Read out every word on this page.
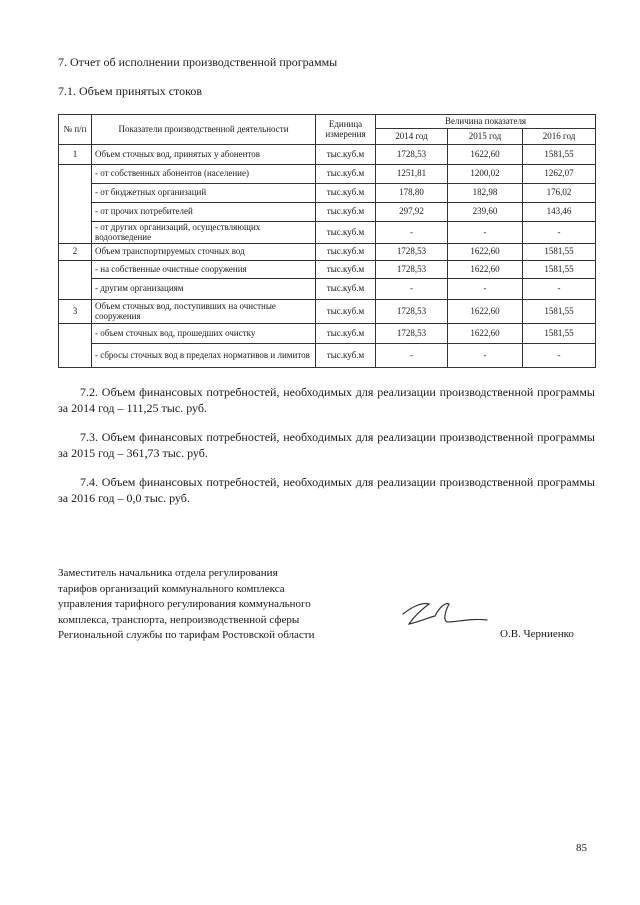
7. Отчет об исполнении производственной программы
7.1. Объем принятых стоков
№ п/п	Показатели производственной деятельности	Единица измерения	Величина показателя		
			2014 год	2015 год	2016 год
1	Объем сточных вод, принятых у абонентов	тыс.куб.м	1728,53	1622,60	1581,55
	- от собственных абонентов (население)	тыс.куб.м	1251,81	1200,02	1262,07
	- от бюджетных организаций	тыс.куб.м	178,80	182,98	176,02
	- от прочих потребителей	тыс.куб.м	297,92	239,60	143,46
	- от других организаций, осуществляющих водоотведение	тыс.куб.м	-	-	-
2	Объем транспортируемых сточных вод	тыс.куб.м	1728,53	1622,60	1581,55
	- на собственные очистные сооружения	тыс.куб.м	1728,53	1622,60	1581,55
	- другим организациям	тыс.куб.м	-	-	-
3	Объем сточных вод, поступивших на очистные сооружения	тыс.куб.м	1728,53	1622,60	1581,55
	- объем сточных вод, прошедших очистку	тыс.куб.м	1728,53	1622,60	1581,55
	- сбросы сточных вод в пределах нормативов и лимитов	тыс.куб.м	-	-	-
7.2. Объем финансовых потребностей, необходимых для реализации производственной программы за 2014 год – 111,25 тыс. руб.
7.3. Объем финансовых потребностей, необходимых для реализации производственной программы за 2015 год – 361,73 тыс. руб.
7.4. Объем финансовых потребностей, необходимых для реализации производственной программы за 2016 год – 0,0 тыс. руб.
Заместитель начальника отдела регулирования
тарифов организаций коммунального комплекса
управления тарифного регулирования коммунального
комплекса, транспорта, непроизводственной сферы
Региональной службы по тарифам Ростовской области	О.В. Черниенко
85
